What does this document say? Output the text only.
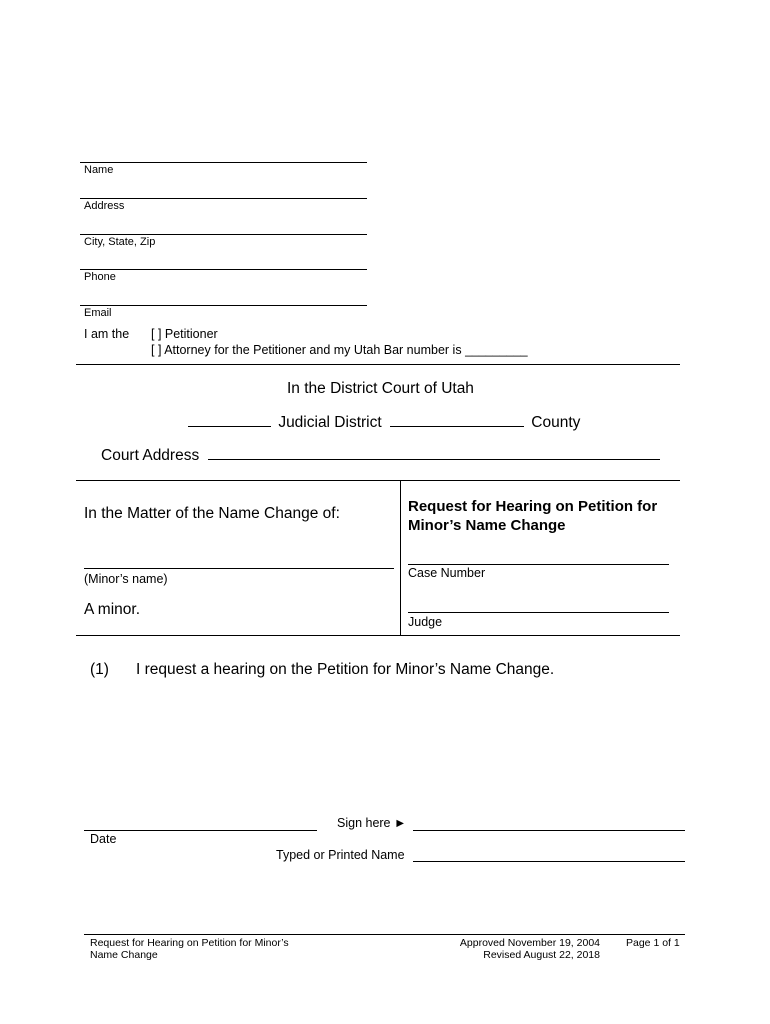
Name
Address
City, State, Zip
Phone
Email
I am the [ ] Petitioner
[ ] Attorney for the Petitioner and my Utah Bar number is _________
In the District Court of Utah
Judicial District	County
Court Address
In the Matter of the Name Change of:
(Minor’s name)
A minor.
Request for Hearing on Petition for
Minor’s Name Change
Case Number
Judge
(1) I request a hearing on the Petition for Minor’s Name Change.
Date
Sign here ►
Typed or Printed Name
Request for Hearing on Petition for Minor’s
Name Change
Approved November 19, 2004
Revised August 22, 2018
Page 1 of 1
